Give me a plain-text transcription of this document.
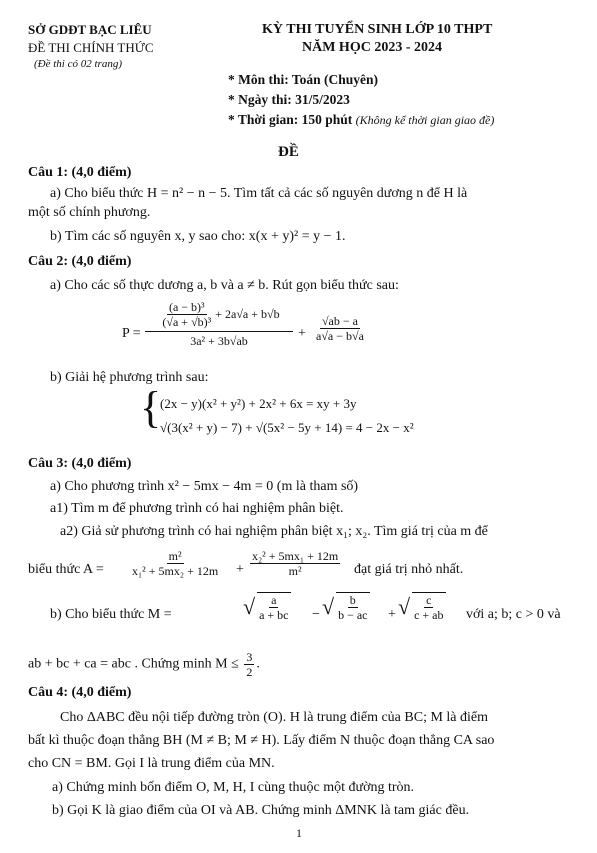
SỞ GDĐT BẠC LIÊU
ĐỀ THI CHÍNH THỨC
(Đề thi có 02 trang)
KỲ THI TUYỂN SINH LỚP 10 THPT
NĂM HỌC 2023 - 2024
* Môn thi: Toán (Chuyên)
* Ngày thi: 31/5/2023
* Thời gian: 150 phút (Không kể thời gian giao đề)
ĐỀ
Câu 1: (4,0 điểm)
a) Cho biểu thức H = n² − n − 5. Tìm tất cả các số nguyên dương n để H là
một số chính phương.
b) Tìm các số nguyên x, y sao cho: x(x + y)² = y − 1.
Câu 2: (4,0 điểm)
a) Cho các số thực dương a, b và a ≠ b. Rút gọn biểu thức sau:
P =
$\frac{\text{(a − b)³}}{\text{(√a + √b)³}} + 2a√a + b√b$
3a² + 3b√ab	+ $\frac{√ab - a}{a√a - b√a}$
b) Giải hệ phương trình sau:
{
(2x − y)(x² + y²) + 2x² + 6x = xy + 3y
√(3(x² + y) − 7) + √(5x² − 5y + 14) = 4 − 2x − x²
Câu 3: (4,0 điểm)
a) Cho phương trình x² − 5mx − 4m = 0 (m là tham số)
a1) Tìm m để phương trình có hai nghiệm phân biệt.
a2) Giả sử phương trình có hai nghiệm phân biệt x₁; x₂. Tìm giá trị của m để
biểu thức $A = \frac{\text{m²}}{\text{x₁² + 5mx₂ + 12m}} + \frac{\text{x₂² + 5mx₁ + 12m}}{\text{m²}}$ đạt giá trị nhỏ nhất.
b) Cho biểu thức M =	√ $\frac{a}{a + bc}$ − √ $\frac{b}{b - ac}$ + √ $\frac{c}{c + ab}$ với a; b; c > 0 và
ab + bc + ca = abc . Chứng minh $M \le \frac{3}{2}$ .
Câu 4: (4,0 điểm)
Cho ΔABC đều nội tiếp đường tròn (O). H là trung điểm của BC; M là điểm
bất kì thuộc đoạn thẳng BH (M ≠ B; M ≠ H). Lấy điểm N thuộc đoạn thẳng CA sao
cho CN = BM. Gọi I là trung điểm của MN.
a) Chứng minh bốn điểm O, M, H, I cùng thuộc một đường tròn.
b) Gọi K là giao điểm của OI và AB. Chứng minh ΔMNK là tam giác đều.
1
